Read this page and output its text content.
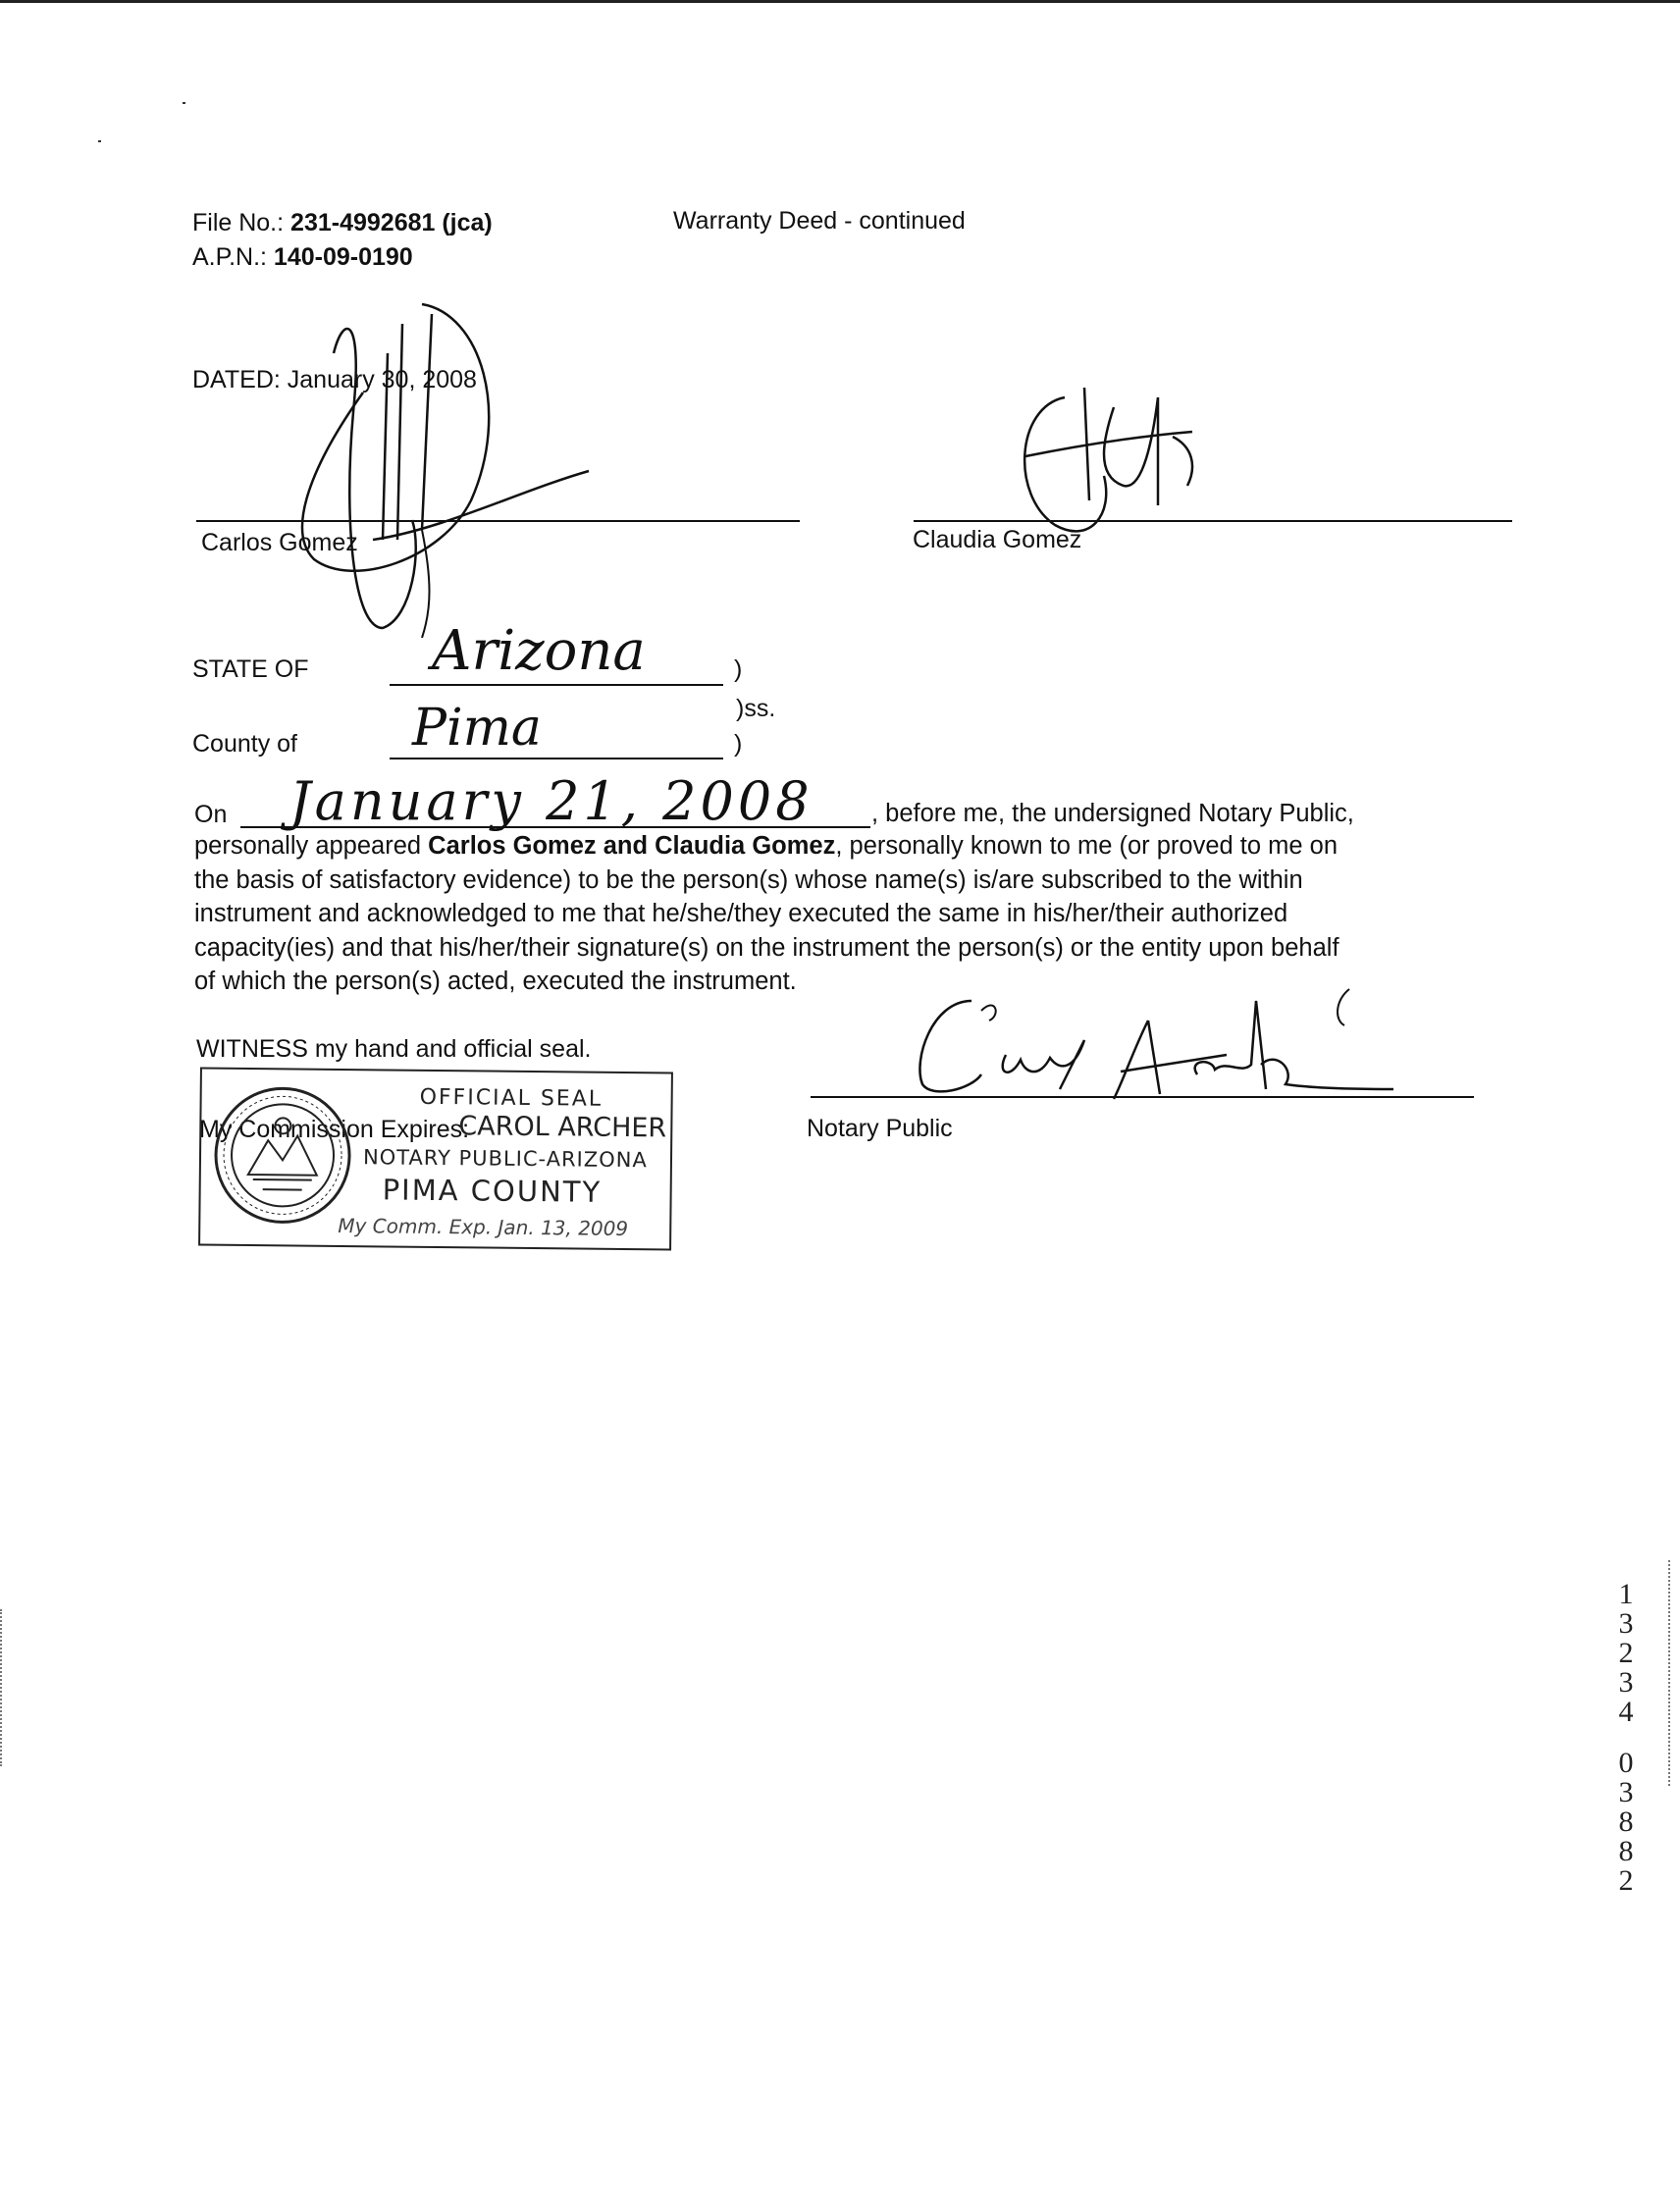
File No.: 231-4992681 (jca)
A.P.N.: 140-09-0190
Warranty Deed - continued
DATED: January 30, 2008
Carlos Gomez	Claudia Gomez
STATE OF Arizona	)
)ss.
County of Pima	)
On January 21, 2008 , before me, the undersigned Notary Public,

personally appeared Carlos Gomez and Claudia Gomez, personally known to me (or proved to me on

the basis of satisfactory evidence) to be the person(s) whose name(s) is/are subscribed to the within

instrument and acknowledged to me that he/she/they executed the same in his/her/their authorized

capacity(ies) and that his/her/their signature(s) on the instrument the person(s) or the entity upon behalf

of which the person(s) acted, executed the instrument.

WITNESS my hand and official seal.
My Commission Expires:	Notary Public
OFFICIAL SEAL
CAROL ARCHER
NOTARY PUBLIC-ARIZONA
PIMA COUNTY
My Comm. Exp. Jan. 13, 2009
1
3
2
3
4
0
3
8
8
2
